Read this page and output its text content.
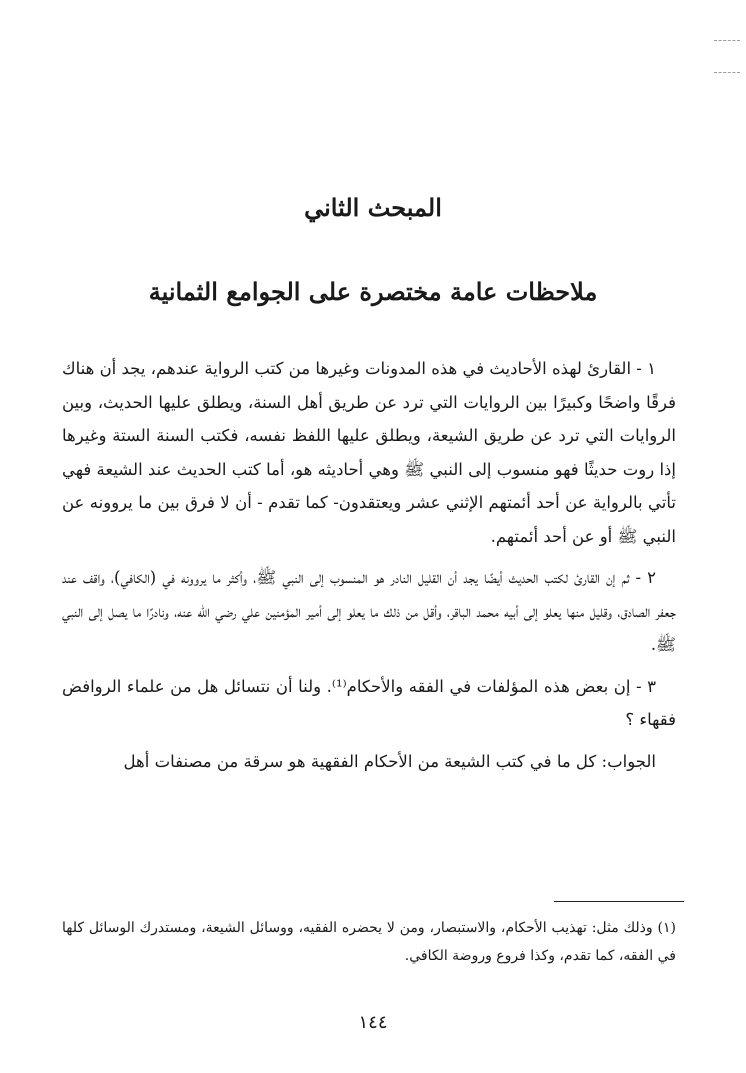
المبحث الثاني
ملاحظات عامة مختصرة على الجوامع الثمانية

١ - القارئ لهذه الأحاديث في هذه المدونات وغيرها من كتب الرواية عندهم، يجد أن هناك فرقًا واضحًا وكبيرًا بين الروايات التي ترد عن طريق أهل السنة، ويطلق عليها الحديث، وبين الروايات التي ترد عن طريق الشيعة، ويطلق عليها اللفظ نفسه، فكتب السنة الستة وغيرها إذا روت حديثًا فهو منسوب إلى النبي ﷺ وهي أحاديثه هو، أما كتب الحديث عند الشيعة فهي تأتي بالرواية عن أحد أئمتهم الإثني عشر ويعتقدون- كما تقدم - أن لا فرق بين ما يروونه عن النبي ﷺ أو عن أحد أئمتهم.

٢ - ثم إن القارئ لكتب الحديث أيضًا يجد أن القليل النادر هو المنسوب إلى النبي ﷺ، وأكثر ما يروونه في (الكافي)، واقف عند جعفر الصادق، وقليل منها يعلو إلى أبيه محمد الباقر، وأقل من ذلك ما يعلو إلى أمير المؤمنين علي رضي الله عنه، ونادرًا ما يصل إلى النبي ﷺ.

٣ - إن بعض هذه المؤلفات في الفقه والأحكام⁽¹⁾. ولنا أن نتسائل هل من علماء الروافض فقهاء ؟

الجواب: كل ما في كتب الشيعة من الأحكام الفقهية هو سرقة من مصنفات أهل

(١) وذلك مثل: تهذيب الأحكام، والاستبصار، ومن لا يحضره الفقيه، ووسائل الشيعة، ومستدرك الوسائل كلها في الفقه، كما تقدم، وكذا فروع وروضة الكافي.

١٤٤
